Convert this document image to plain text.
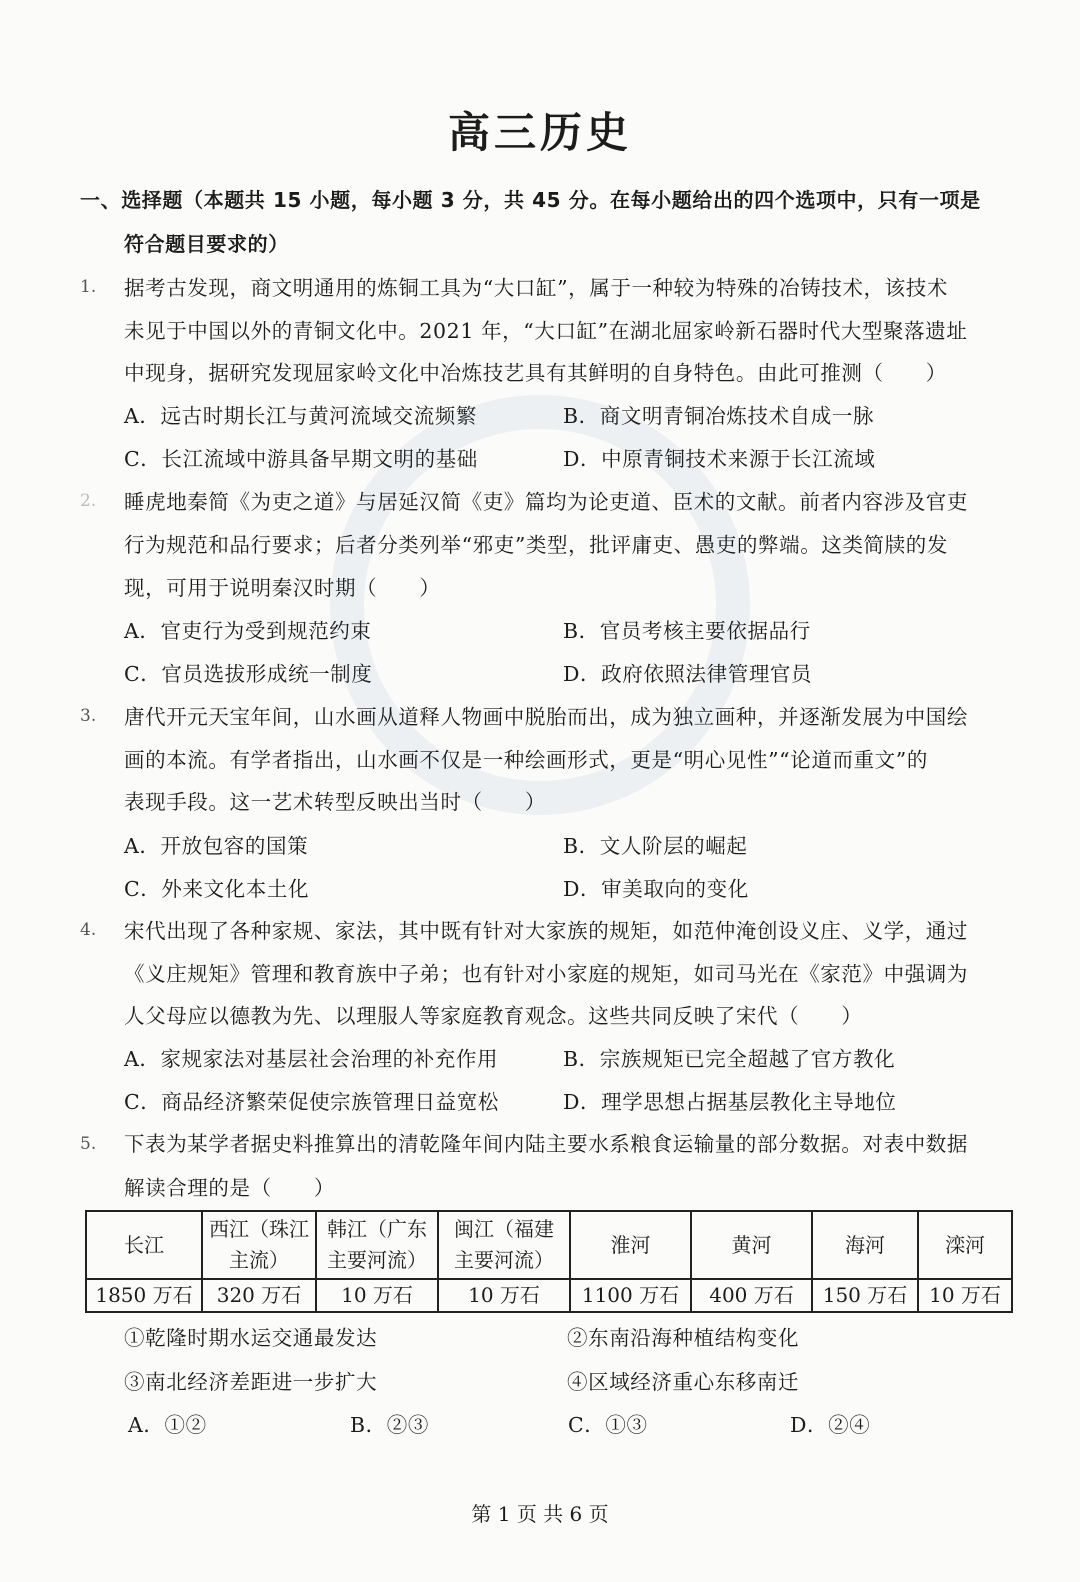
高三历史
一、选择题（本题共 15 小题，每小题 3 分，共 45 分。在每小题给出的四个选项中，只有一项是
符合题目要求的）
1. 据考古发现，商文明通用的炼铜工具为“大口缸”，属于一种较为特殊的冶铸技术，该技术
未见于中国以外的青铜文化中。2021 年，“大口缸”在湖北屈家岭新石器时代大型聚落遗址
中现身，据研究发现屈家岭文化中冶炼技艺具有其鲜明的自身特色。由此可推测（　　）
A．远古时期长江与黄河流域交流频繁	B．商文明青铜冶炼技术自成一脉
C．长江流域中游具备早期文明的基础	D．中原青铜技术来源于长江流域
2. 睡虎地秦简《为吏之道》与居延汉简《吏》篇均为论吏道、臣术的文献。前者内容涉及官吏
行为规范和品行要求；后者分类列举“邪吏”类型，批评庸吏、愚吏的弊端。这类简牍的发
现，可用于说明秦汉时期（　　）
A．官吏行为受到规范约束	B．官员考核主要依据品行
C．官员选拔形成统一制度	D．政府依照法律管理官员
3. 唐代开元天宝年间，山水画从道释人物画中脱胎而出，成为独立画种，并逐渐发展为中国绘
画的本流。有学者指出，山水画不仅是一种绘画形式，更是“明心见性”“论道而重文”的
表现手段。这一艺术转型反映出当时（　　）
A．开放包容的国策	B．文人阶层的崛起
C．外来文化本土化	D．审美取向的变化
4. 宋代出现了各种家规、家法，其中既有针对大家族的规矩，如范仲淹创设义庄、义学，通过
《义庄规矩》管理和教育族中子弟；也有针对小家庭的规矩，如司马光在《家范》中强调为
人父母应以德教为先、以理服人等家庭教育观念。这些共同反映了宋代（　　）
A．家规家法对基层社会治理的补充作用	B．宗族规矩已完全超越了官方教化
C．商品经济繁荣促使宗族管理日益宽松	D．理学思想占据基层教化主导地位
5. 下表为某学者据史料推算出的清乾隆年间内陆主要水系粮食运输量的部分数据。对表中数据
解读合理的是（　　）
长江	西江（珠江主流）	韩江（广东主要河流）	闽江（福建主要河流）	淮河	黄河	海河	滦河
1850 万石	320 万石	10 万石	10 万石	1100 万石	400 万石	150 万石	10 万石
①乾隆时期水运交通最发达	②东南沿海种植结构变化
③南北经济差距进一步扩大	④区域经济重心东移南迁
A．①②	B．②③	C．①③	D．②④
第 1 页 共 6 页
